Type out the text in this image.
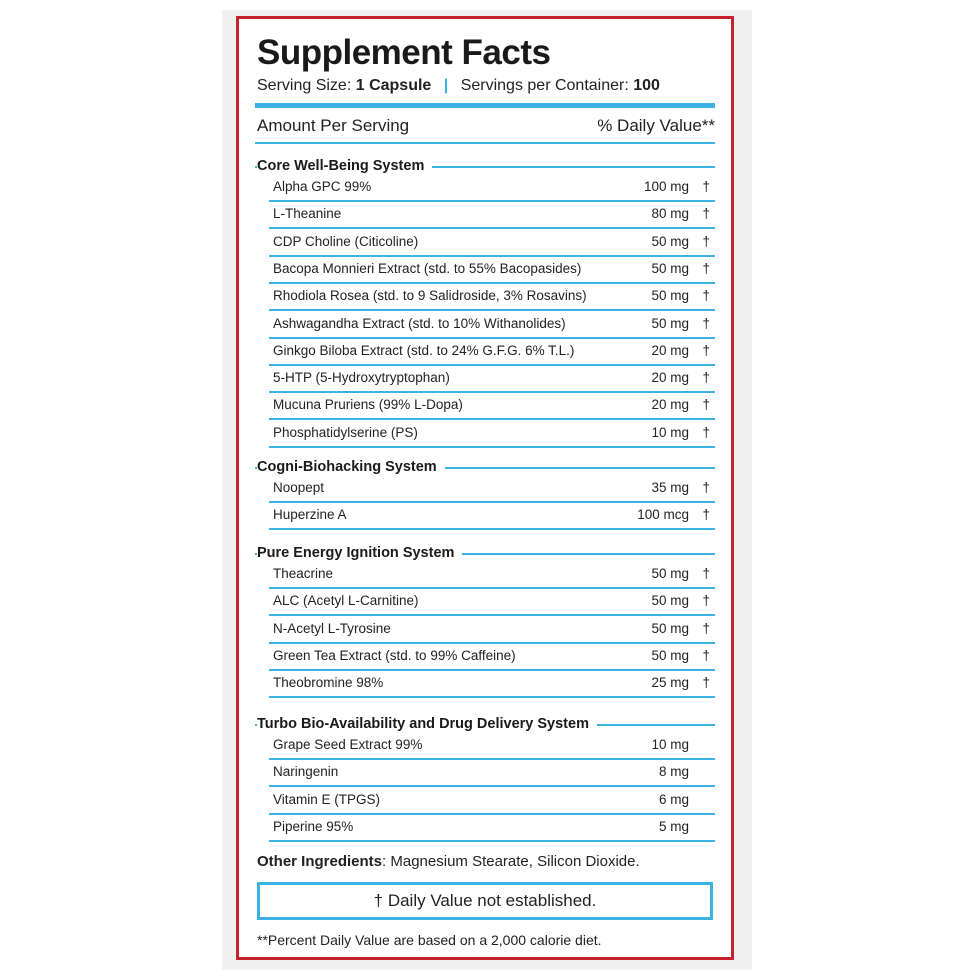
Supplement Facts
Serving Size: 1 Capsule | Servings per Container: 100
Amount Per Serving	% Daily Value**
Core Well-Being System
Alpha GPC 99%	100 mg †
L-Theanine	80 mg †
CDP Choline (Citicoline)	50 mg †
Bacopa Monnieri Extract (std. to 55% Bacopasides)	50 mg †
Rhodiola Rosea (std. to 9 Salidroside, 3% Rosavins)	50 mg †
Ashwagandha Extract (std. to 10% Withanolides)	50 mg †
Ginkgo Biloba Extract (std. to 24% G.F.G. 6% T.L.)	20 mg †
5-HTP (5-Hydroxytryptophan)	20 mg †
Mucuna Pruriens (99% L-Dopa)	20 mg †
Phosphatidylserine (PS)	10 mg †
Cogni-Biohacking System
Noopept	35 mg †
Huperzine A	100 mcg †
Pure Energy Ignition System
Theacrine	50 mg †
ALC (Acetyl L-Carnitine)	50 mg †
N-Acetyl L-Tyrosine	50 mg †
Green Tea Extract (std. to 99% Caffeine)	50 mg †
Theobromine 98%	25 mg †
Turbo Bio-Availability and Drug Delivery System
Grape Seed Extract 99%	10 mg
Naringenin	8 mg
Vitamin E (TPGS)	6 mg
Piperine 95%	5 mg
Other Ingredients: Magnesium Stearate, Silicon Dioxide.
† Daily Value not established.
**Percent Daily Value are based on a 2,000 calorie diet.
